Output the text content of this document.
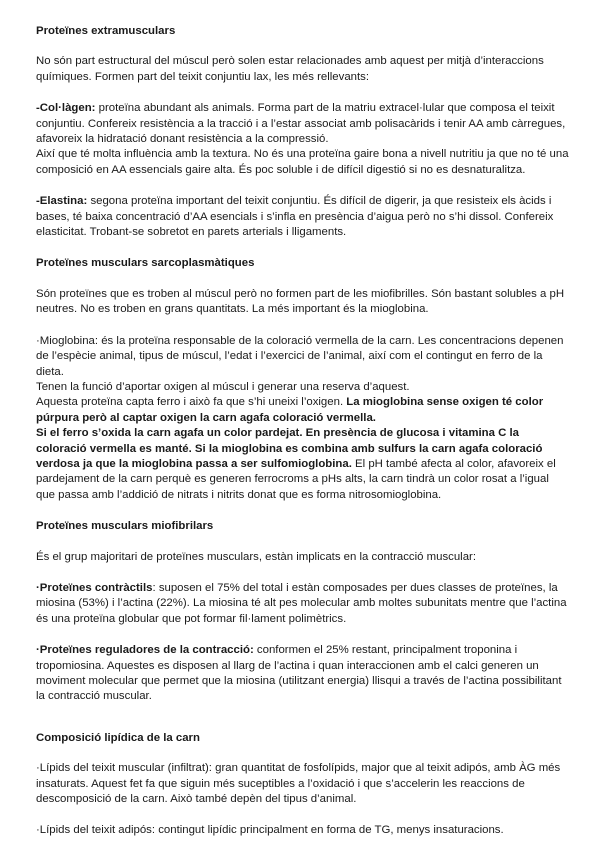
Proteïnes extramusculars

No són part estructural del múscul però solen estar relacionades amb aquest per mitjà d’interaccions químiques. Formen part del teixit conjuntiu lax, les més rellevants:

-Col·làgen: proteïna abundant als animals. Forma part de la matriu extracel·lular que composa el teixit conjuntiu. Confereix resistència a la tracció i a l’estar associat amb polisacàrids i tenir AA amb càrregues, afavoreix la hidratació donant resistència a la compressió.

Així que té molta influència amb la textura. No és una proteïna gaire bona a nivell nutritiu ja que no té una composició en AA essencials gaire alta. És poc soluble i de difícil digestió si no es desnaturalitza.

-Elastina: segona proteïna important del teixit conjuntiu. És difícil de digerir, ja que resisteix els àcids i bases, té baixa concentració d’AA esencials i s’infla en presència d’aigua però no s’hi dissol. Confereix elasticitat. Trobant-se sobretot en parets arterials i lligaments.

Proteïnes musculars sarcoplasmàtiques

Són proteïnes que es troben al múscul però no formen part de les miofibrilles. Són bastant solubles a pH neutres. No es troben en grans quantitats. La més important és la mioglobina.

·Mioglobina: és la proteïna responsable de la coloració vermella de la carn. Les concentracions depenen de l’espècie animal, tipus de múscul, l’edat i l’exercici de l’animal, així com el contingut en ferro de la dieta.

Tenen la funció d’aportar oxigen al múscul i generar una reserva d’aquest.

Aquesta proteïna capta ferro i això fa que s’hi uneixi l’oxigen. La mioglobina sense oxigen té color púrpura però al captar oxigen la carn agafa coloració vermella.

Si el ferro s’oxida la carn agafa un color pardejat. En presència de glucosa i vitamina C la coloració vermella es manté. Si la mioglobina es combina amb sulfurs la carn agafa coloració verdosa ja que la mioglobina passa a ser sulfomioglobina. El pH també afecta al color, afavoreix el pardejament de la carn perquè es generen ferrocroms a pHs alts, la carn tindrà un color rosat a l’igual que passa amb l’addició de nitrats i nitrits donat que es forma nitrosomioglobina.

Proteïnes musculars miofibrilars

És el grup majoritari de proteïnes musculars, estàn implicats en la contracció muscular:

·Proteïnes contràctils: suposen el 75% del total i estàn composades per dues classes de proteïnes, la miosina (53%) i l’actina (22%). La miosina té alt pes molecular amb moltes subunitats mentre que l’actina és una proteïna globular que pot formar fil·lament polimètrics.

·Proteïnes reguladores de la contracció: conformen el 25% restant, principalment troponina i tropomiosina. Aquestes es disposen al llarg de l’actina i quan interaccionen amb el calci generen un moviment molecular que permet que la miosina (utilitzant energia) llisqui a través de l’actina possibilitant la contracció muscular.

Composició lipídica de la carn

·Lípids del teixit muscular (infiltrat): gran quantitat de fosfolípids, major que al teixit adipós, amb ÀG més insaturats. Aquest fet fa que siguin més suceptibles a l’oxidació i que s’accelerin les reaccions de descomposició de la carn. Això també depèn del tipus d’animal.

·Lípids del teixit adipós: contingut lipídic principalment en forma de TG, menys insaturacions.
